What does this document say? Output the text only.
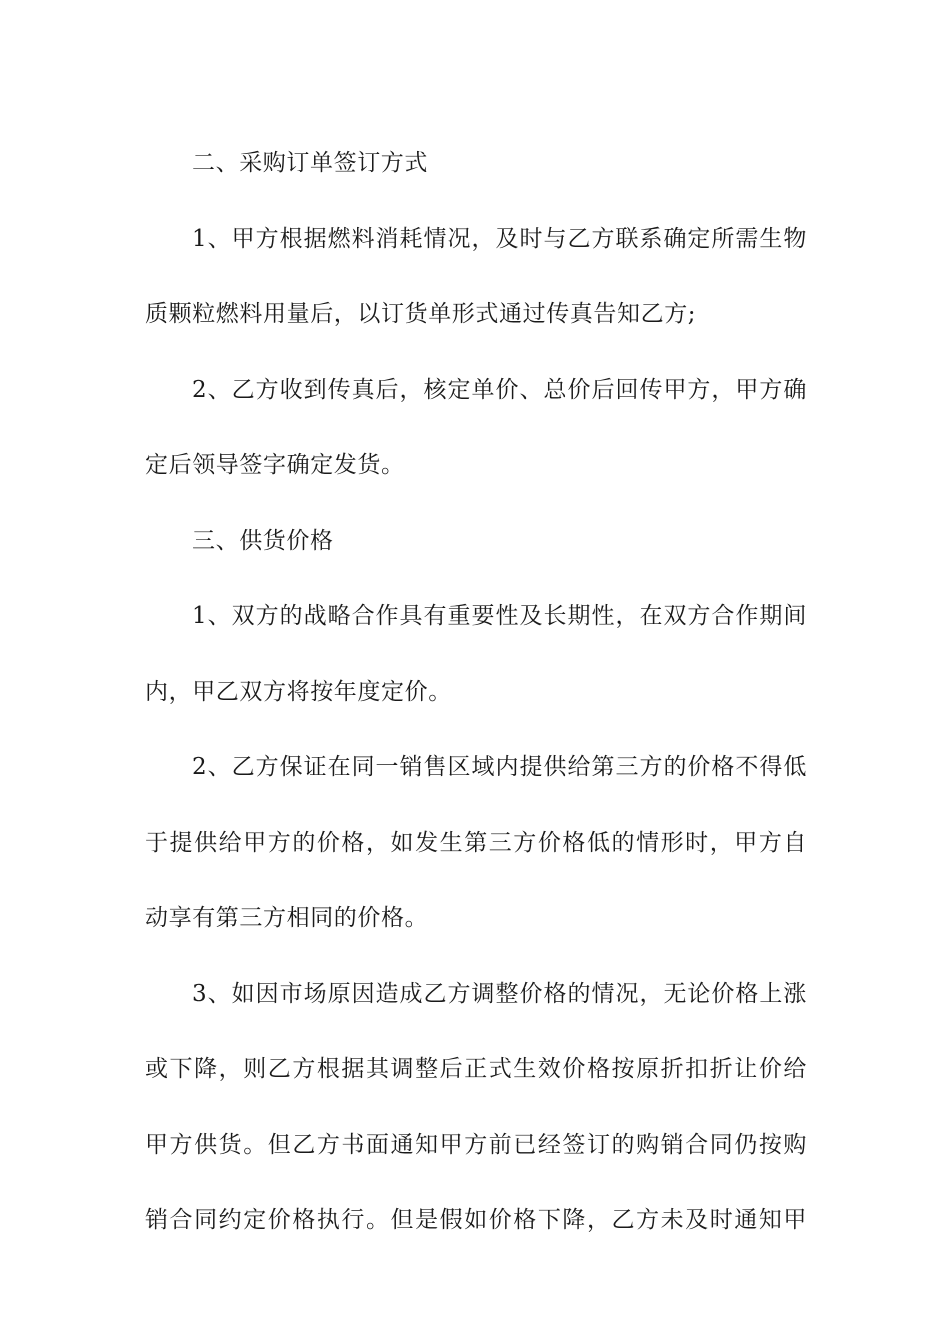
二、采购订单签订方式
1、甲方根据燃料消耗情况，及时与乙方联系确定所需生物
质颗粒燃料用量后，以订货单形式通过传真告知乙方;
2、乙方收到传真后，核定单价、总价后回传甲方，甲方确
定后领导签字确定发货。
三、供货价格
1、双方的战略合作具有重要性及长期性，在双方合作期间
内，甲乙双方将按年度定价。
2、乙方保证在同一销售区域内提供给第三方的价格不得低
于提供给甲方的价格，如发生第三方价格低的情形时，甲方自
动享有第三方相同的价格。
3、如因市场原因造成乙方调整价格的情况，无论价格上涨
或下降，则乙方根据其调整后正式生效价格按原折扣折让价给
甲方供货。但乙方书面通知甲方前已经签订的购销合同仍按购
销合同约定价格执行。但是假如价格下降，乙方未及时通知甲
